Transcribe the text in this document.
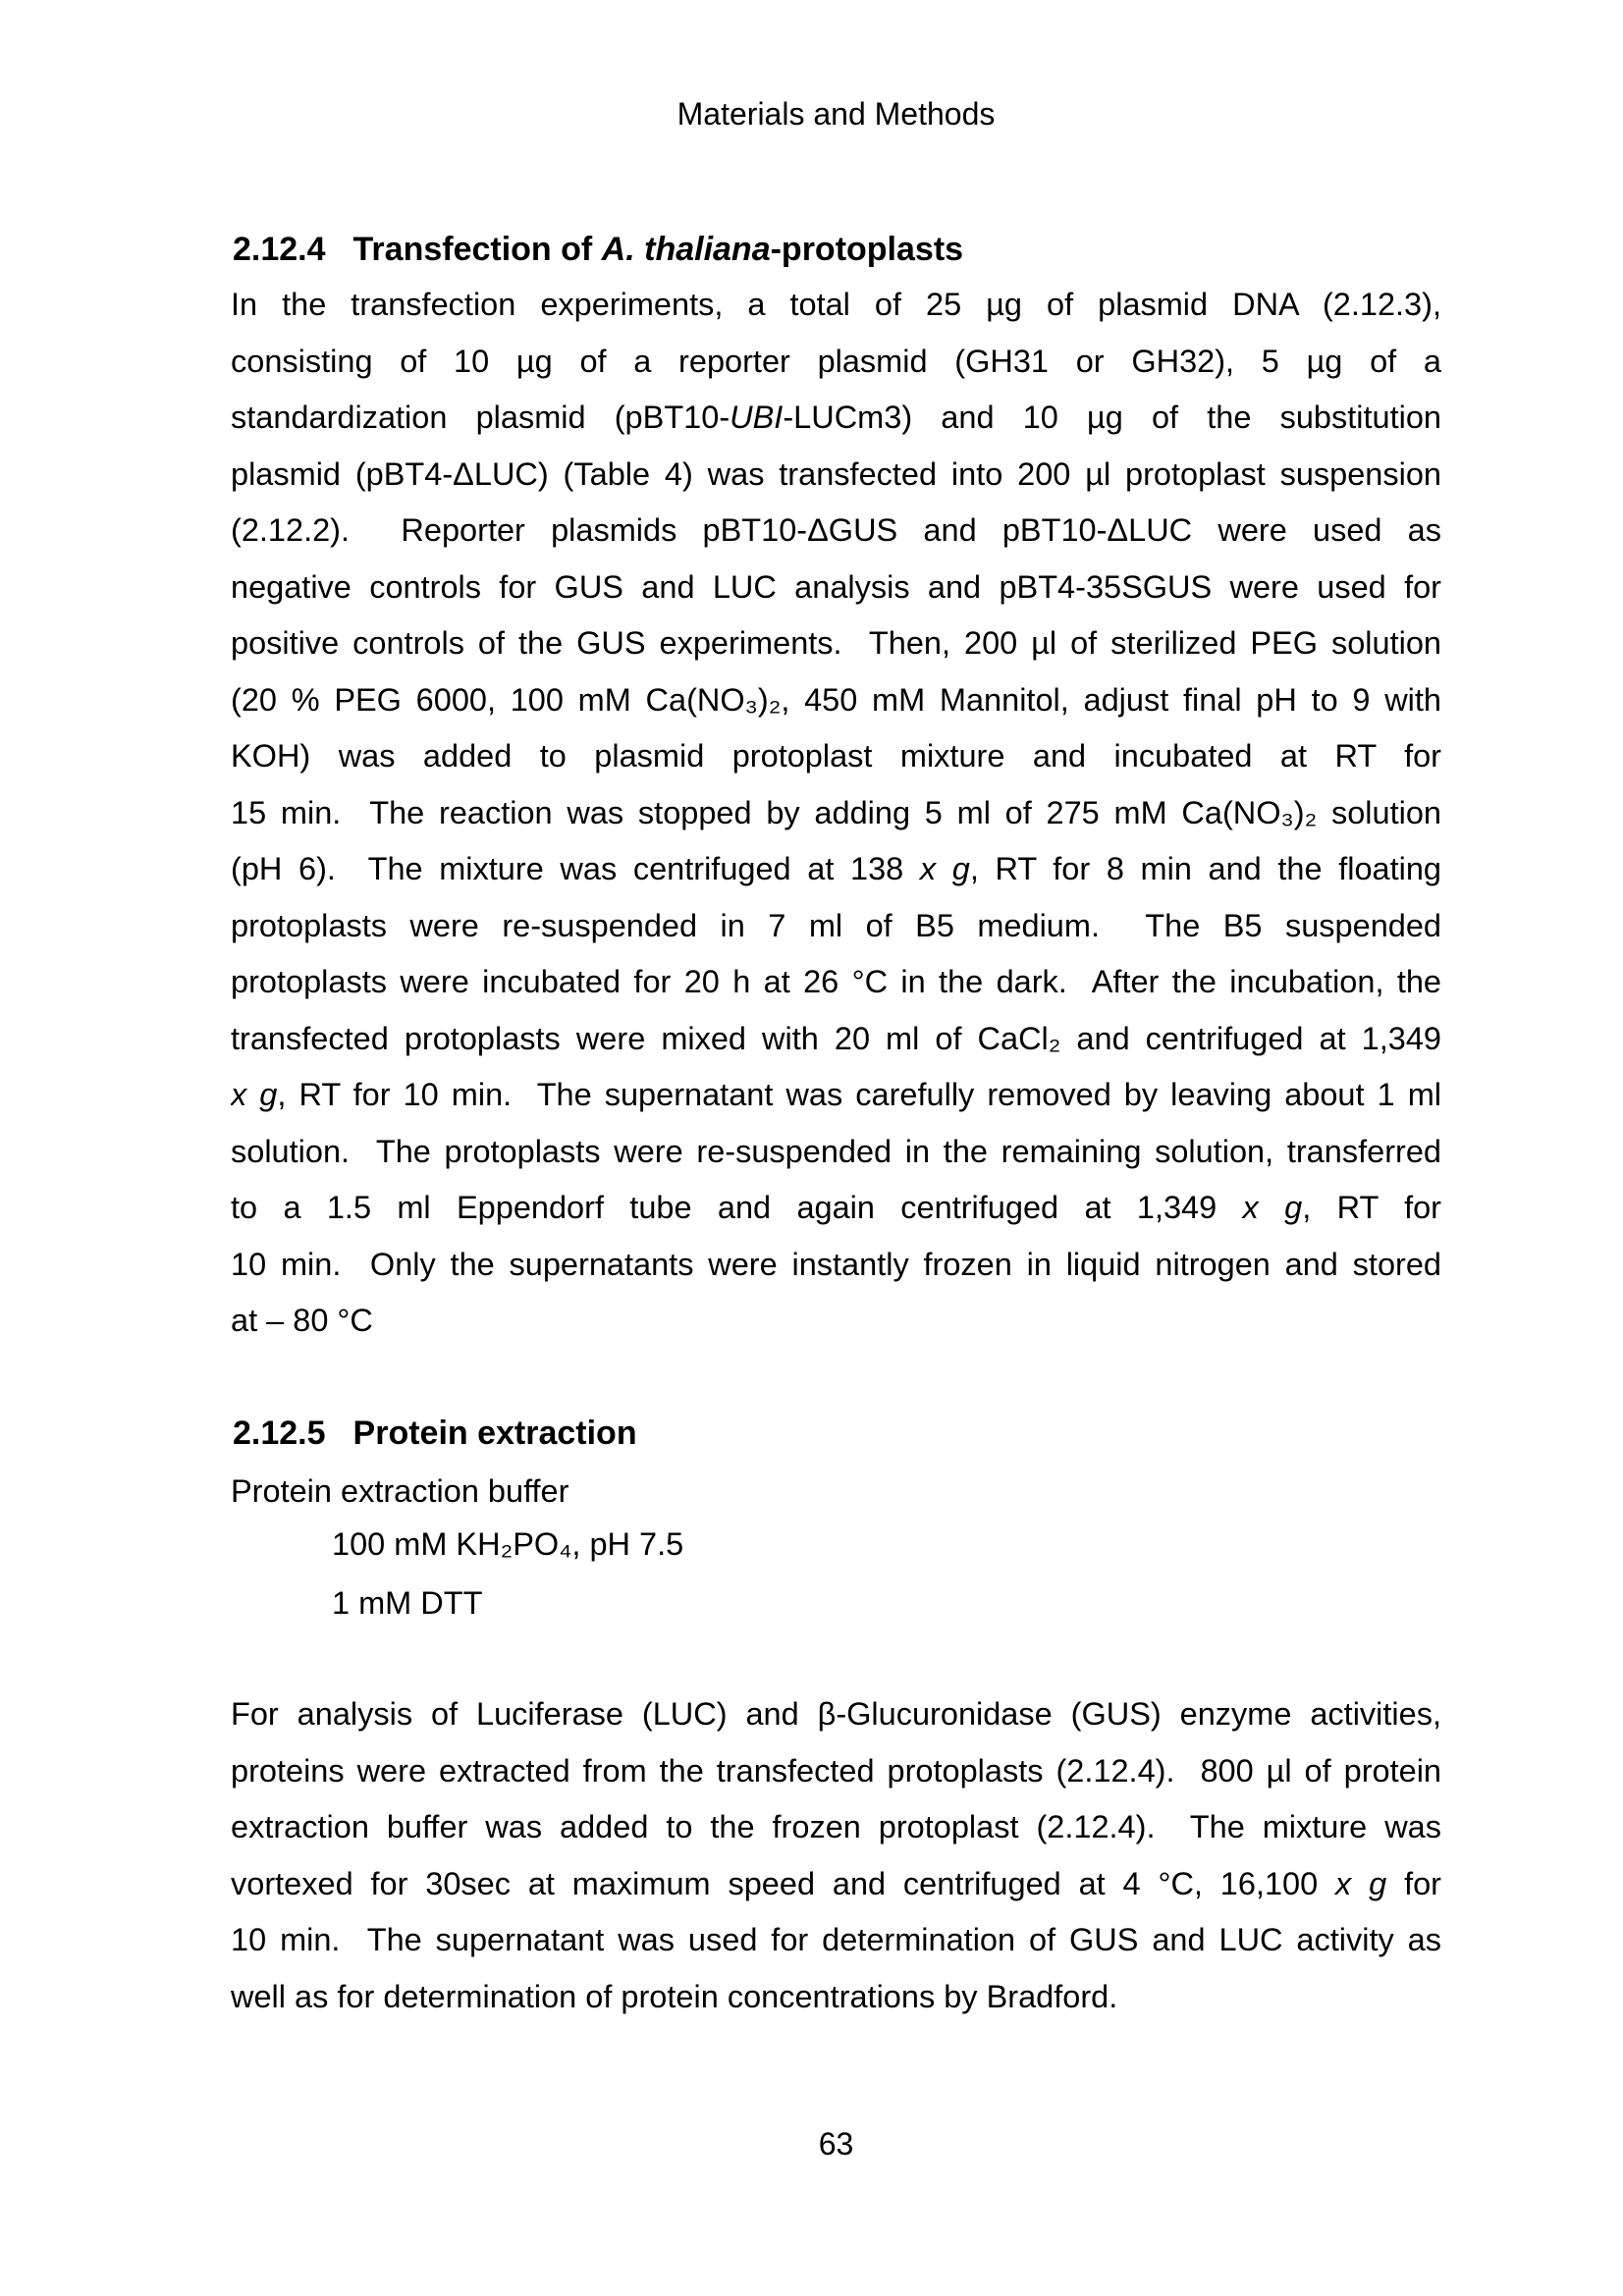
Materials and Methods
2.12.4 Transfection of A. thaliana-protoplasts
In the transfection experiments, a total of 25 µg of plasmid DNA (2.12.3),
consisting of 10 µg of a reporter plasmid (GH31 or GH32), 5 µg of a
standardization plasmid (pBT10-UBI-LUCm3) and 10 µg of the substitution
plasmid (pBT4-ΔLUC) (Table 4) was transfected into 200 µl protoplast suspension
(2.12.2).  Reporter plasmids pBT10-ΔGUS and pBT10-ΔLUC were used as
negative controls for GUS and LUC analysis and pBT4-35SGUS were used for
positive controls of the GUS experiments.  Then, 200 µl of sterilized PEG solution
(20 % PEG 6000, 100 mM Ca(NO₃)₂, 450 mM Mannitol, adjust final pH to 9 with
KOH) was added to plasmid protoplast mixture and incubated at RT for
15 min.  The reaction was stopped by adding 5 ml of 275 mM Ca(NO₃)₂ solution
(pH 6).  The mixture was centrifuged at 138 x g, RT for 8 min and the floating
protoplasts were re-suspended in 7 ml of B5 medium.  The B5 suspended
protoplasts were incubated for 20 h at 26 °C in the dark.  After the incubation, the
transfected protoplasts were mixed with 20 ml of CaCl₂ and centrifuged at 1,349
x g, RT for 10 min.  The supernatant was carefully removed by leaving about 1 ml
solution.  The protoplasts were re-suspended in the remaining solution, transferred
to a 1.5 ml Eppendorf tube and again centrifuged at 1,349 x g, RT for
10 min.  Only the supernatants were instantly frozen in liquid nitrogen and stored
at – 80 °C
2.12.5 Protein extraction
Protein extraction buffer
100 mM KH₂PO₄, pH 7.5
1 mM DTT
For analysis of Luciferase (LUC) and β-Glucuronidase (GUS) enzyme activities,
proteins were extracted from the transfected protoplasts (2.12.4).  800 µl of protein
extraction buffer was added to the frozen protoplast (2.12.4).  The mixture was
vortexed for 30sec at maximum speed and centrifuged at 4 °C, 16,100 x g for
10 min.  The supernatant was used for determination of GUS and LUC activity as
well as for determination of protein concentrations by Bradford.
63
